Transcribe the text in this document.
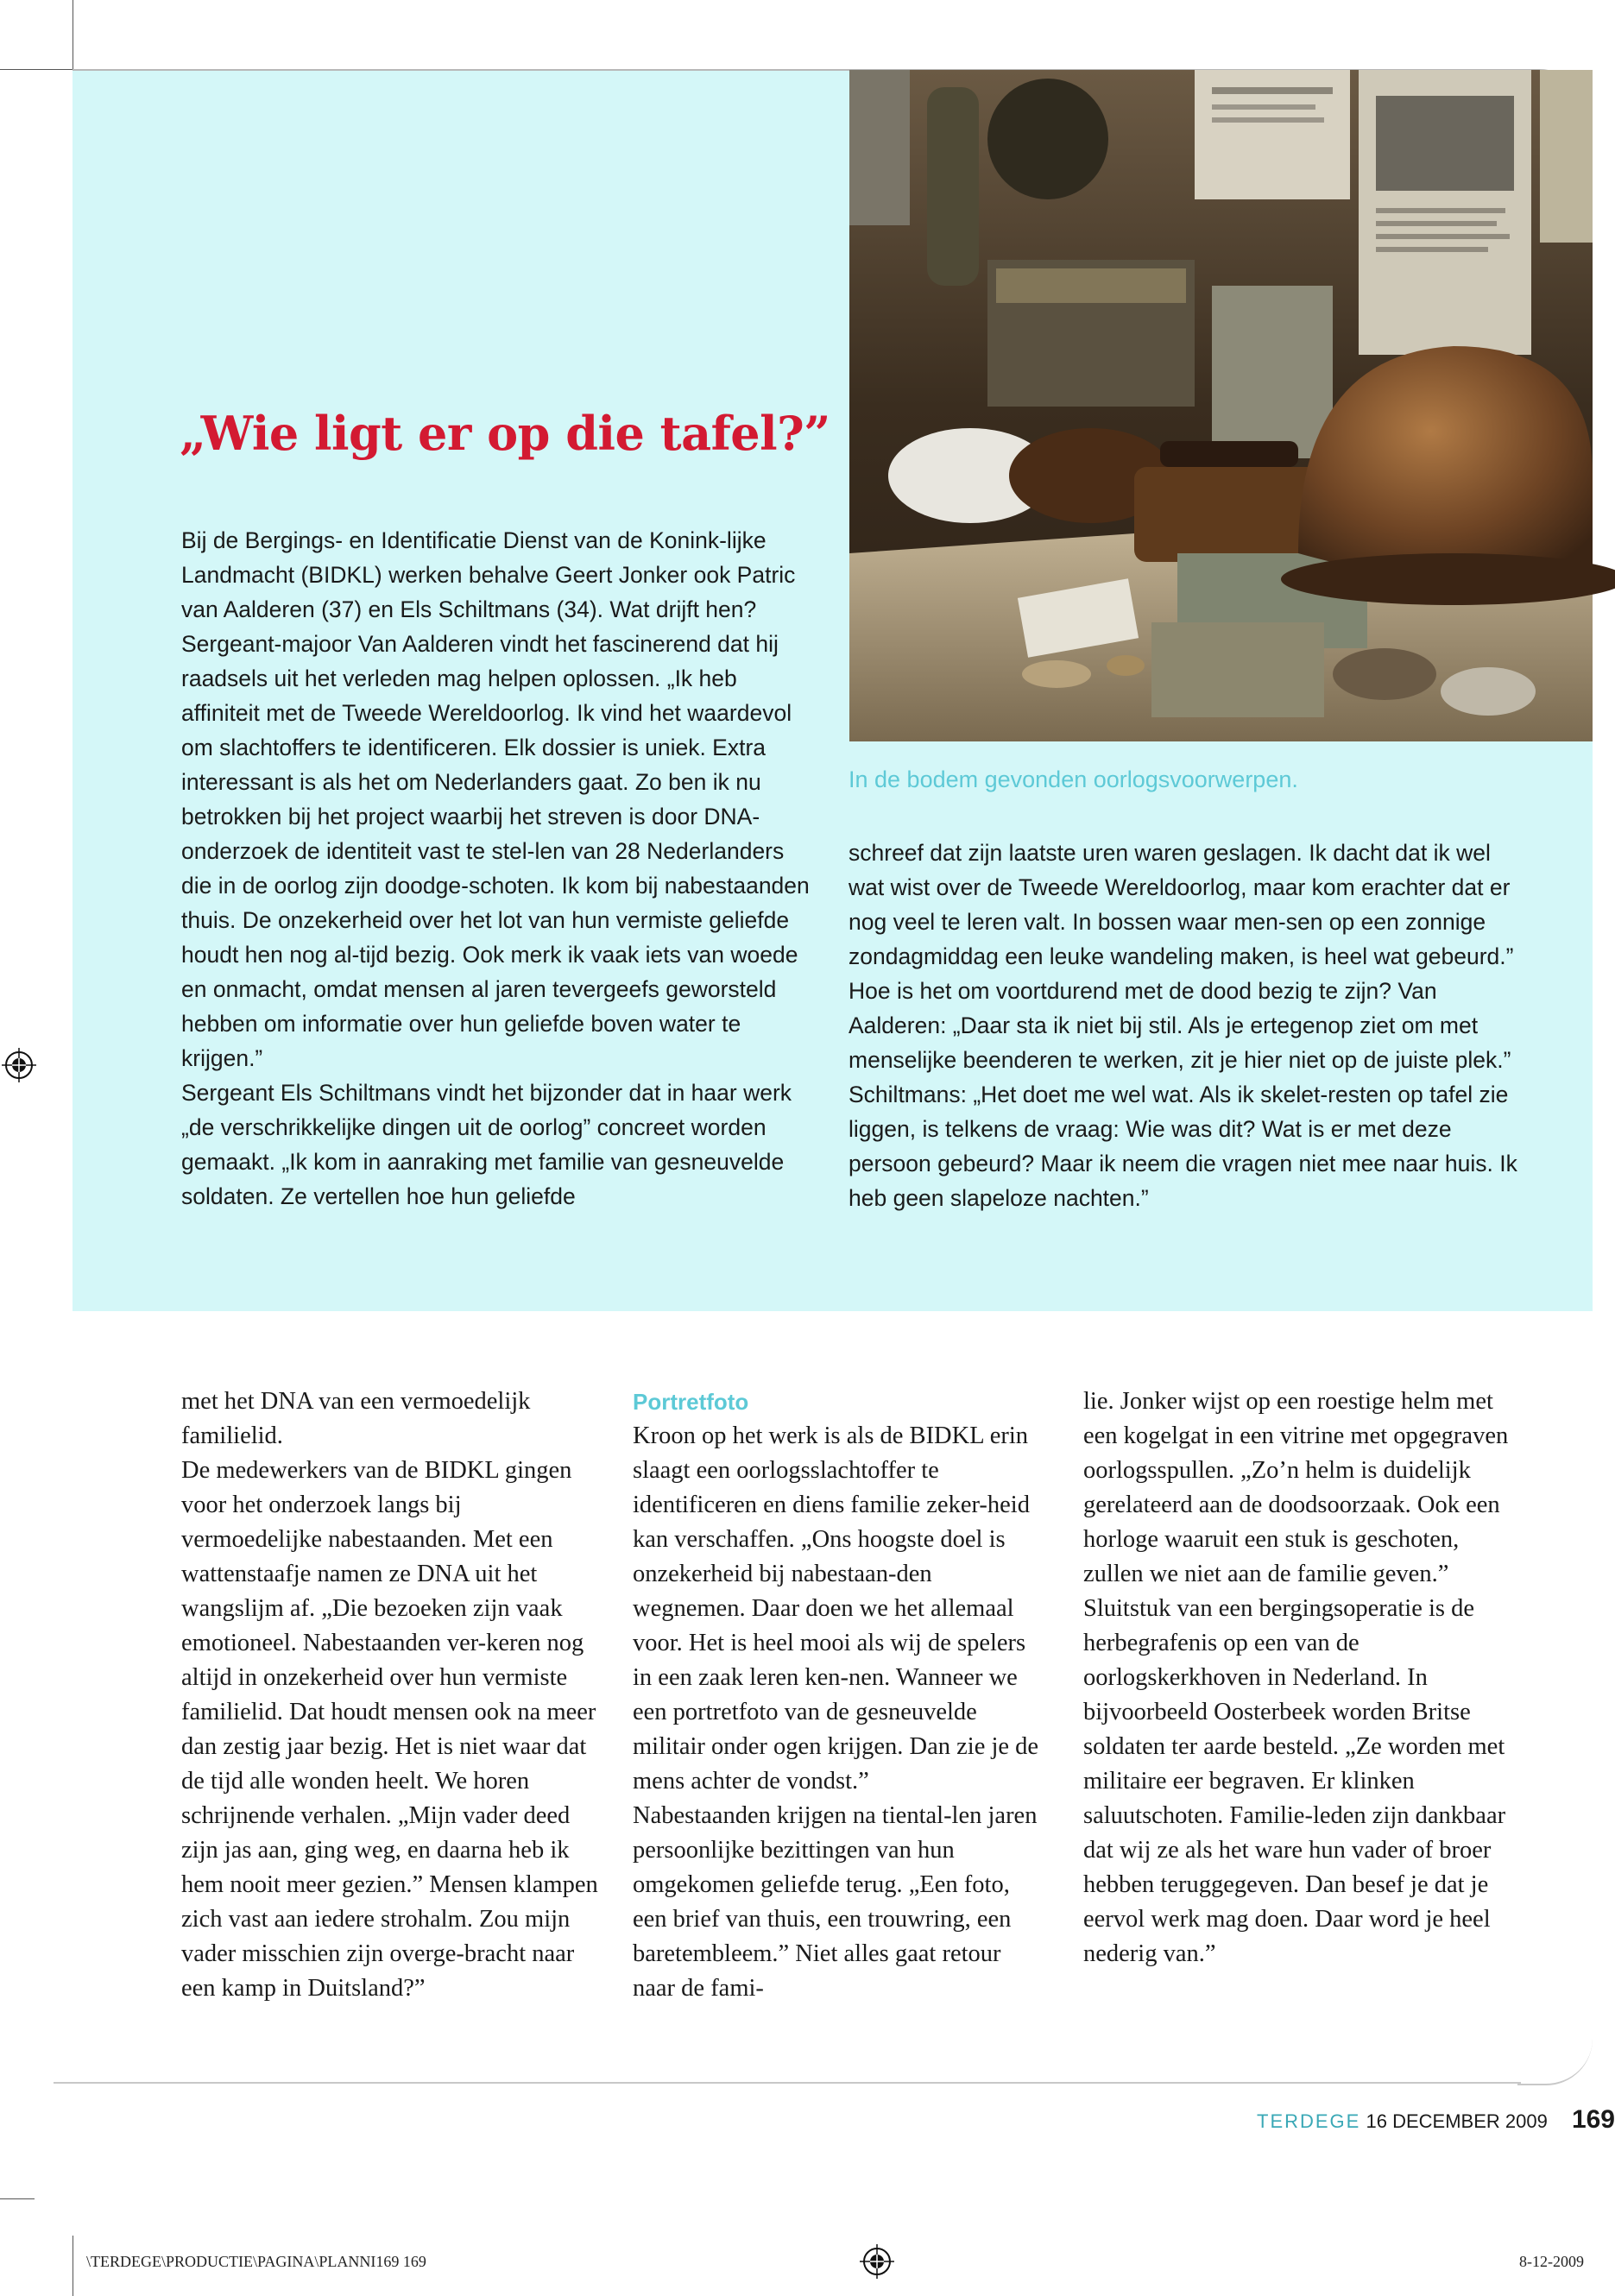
„Wie ligt er op die tafel?”

Bij de Bergings- en Identificatie Dienst van de Konink-lijke Landmacht (BIDKL) werken behalve Geert Jonker ook Patric van Aalderen (37) en Els Schiltmans (34). Wat drijft hen?

Sergeant-majoor Van Aalderen vindt het fascinerend dat hij raadsels uit het verleden mag helpen oplossen. „Ik heb affiniteit met de Tweede Wereldoorlog. Ik vind het waardevol om slachtoffers te identificeren. Elk dossier is uniek. Extra interessant is als het om Nederlanders gaat. Zo ben ik nu betrokken bij het project waarbij het streven is door DNA-onderzoek de identiteit vast te stel-len van 28 Nederlanders die in de oorlog zijn doodge-schoten. Ik kom bij nabestaanden thuis. De onzekerheid over het lot van hun vermiste geliefde houdt hen nog al-tijd bezig. Ook merk ik vaak iets van woede en onmacht, omdat mensen al jaren tevergeefs geworsteld hebben om informatie over hun geliefde boven water te krijgen.”

Sergeant Els Schiltmans vindt het bijzonder dat in haar werk „de verschrikkelijke dingen uit de oorlog” concreet worden gemaakt. „Ik kom in aanraking met familie van gesneuvelde soldaten. Ze vertellen hoe hun geliefde

In de bodem gevonden oorlogsvoorwerpen.

schreef dat zijn laatste uren waren geslagen. Ik dacht dat ik wel wat wist over de Tweede Wereldoorlog, maar kom erachter dat er nog veel te leren valt. In bossen waar men-sen op een zonnige zondagmiddag een leuke wandeling maken, is heel wat gebeurd.”

Hoe is het om voortdurend met de dood bezig te zijn? Van Aalderen: „Daar sta ik niet bij stil. Als je ertegenop ziet om met menselijke beenderen te werken, zit je hier niet op de juiste plek.” Schiltmans: „Het doet me wel wat. Als ik skelet-resten op tafel zie liggen, is telkens de vraag: Wie was dit? Wat is er met deze persoon gebeurd? Maar ik neem die vragen niet mee naar huis. Ik heb geen slapeloze nachten.”

met het DNA van een vermoedelijk familielid.

De medewerkers van de BIDKL gingen voor het onderzoek langs bij vermoedelijke nabestaanden. Met een wattenstaafje namen ze DNA uit het wangslijm af. „Die bezoeken zijn vaak emotioneel. Nabestaanden ver-keren nog altijd in onzekerheid over hun vermiste familielid. Dat houdt mensen ook na meer dan zestig jaar bezig. Het is niet waar dat de tijd alle wonden heelt. We horen schrijnende verhalen. „Mijn vader deed zijn jas aan, ging weg, en daarna heb ik hem nooit meer gezien.” Mensen klampen zich vast aan iedere strohalm. Zou mijn vader misschien zijn overge-bracht naar een kamp in Duitsland?”

Portretfoto

Kroon op het werk is als de BIDKL erin slaagt een oorlogsslachtoffer te identificeren en diens familie zeker-heid kan verschaffen. „Ons hoogste doel is onzekerheid bij nabestaan-den wegnemen. Daar doen we het allemaal voor. Het is heel mooi als wij de spelers in een zaak leren ken-nen. Wanneer we een portretfoto van de gesneuvelde militair onder ogen krijgen. Dan zie je de mens achter de vondst.”

Nabestaanden krijgen na tiental-len jaren persoonlijke bezittingen van hun omgekomen geliefde terug. „Een foto, een brief van thuis, een trouwring, een baretembleem.” Niet alles gaat retour naar de fami-

lie. Jonker wijst op een roestige helm met een kogelgat in een vitrine met opgegraven oorlogsspullen. „Zo’n helm is duidelijk gerelateerd aan de doodsoorzaak. Ook een horloge waaruit een stuk is geschoten, zullen we niet aan de familie geven.”

Sluitstuk van een bergingsoperatie is de herbegrafenis op een van de oorlogskerkhoven in Nederland. In bijvoorbeeld Oosterbeek worden Britse soldaten ter aarde besteld. „Ze worden met militaire eer begraven. Er klinken saluutschoten. Familie-leden zijn dankbaar dat wij ze als het ware hun vader of broer hebben teruggegeven. Dan besef je dat je eervol werk mag doen. Daar word je heel nederig van.”

TERDEGE 16 DECEMBER 2009 169
\TERDEGE\PRODUCTIE\PAGINA\PLANNI169 169	8-12-2009
